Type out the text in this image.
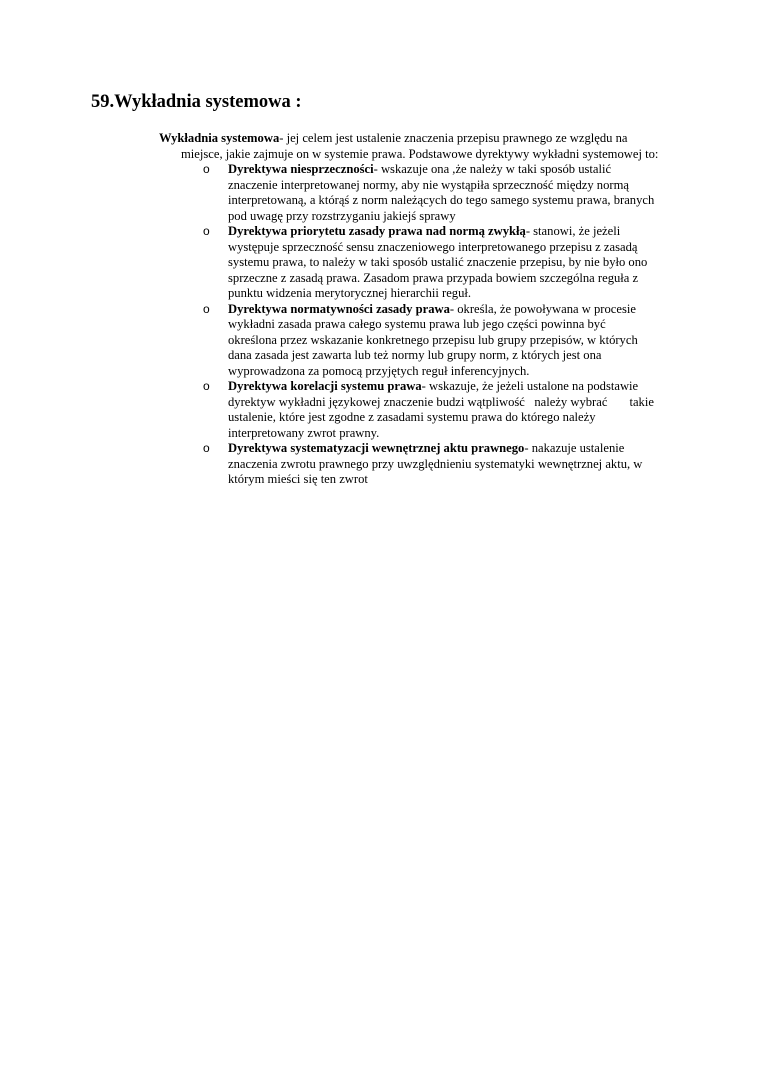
59.Wykładnia systemowa :

Wykładnia systemowa- jej celem jest ustalenie znaczenia przepisu prawnego ze względu na
miejsce, jakie zajmuje on w systemie prawa. Podstawowe dyrektywy wykładni systemowej to:

o Dyrektywa niesprzeczności- wskazuje ona ,że należy w taki sposób ustalić
znaczenie interpretowanej normy, aby nie wystąpiła sprzeczność między normą
interpretowaną, a którąś z norm należących do tego samego systemu prawa, branych
pod uwagę przy rozstrzyganiu jakiejś sprawy
o Dyrektywa priorytetu zasady prawa nad normą zwykłą- stanowi, że jeżeli
występuje sprzeczność sensu znaczeniowego interpretowanego przepisu z zasadą
systemu prawa, to należy w taki sposób ustalić znaczenie przepisu, by nie było ono
sprzeczne z zasadą prawa. Zasadom prawa przypada bowiem szczególna reguła z
punktu widzenia merytorycznej hierarchii reguł.
o Dyrektywa normatywności zasady prawa- określa, że powoływana w procesie
wykładni zasada prawa całego systemu prawa lub jego części powinna być
określona przez wskazanie konkretnego przepisu lub grupy przepisów, w których
dana zasada jest zawarta lub też normy lub grupy norm, z których jest ona
wyprowadzona za pomocą przyjętych reguł inferencyjnych.
o Dyrektywa korelacji systemu prawa- wskazuje, że jeżeli ustalone na podstawie
dyrektyw wykładni językowej znaczenie budzi wątpliwość   należy wybrać       takie
ustalenie, które jest zgodne z zasadami systemu prawa do którego należy
interpretowany zwrot prawny.
o Dyrektywa systematyzacji wewnętrznej aktu prawnego- nakazuje ustalenie
znaczenia zwrotu prawnego przy uwzględnieniu systematyki wewnętrznej aktu, w
którym mieści się ten zwrot
